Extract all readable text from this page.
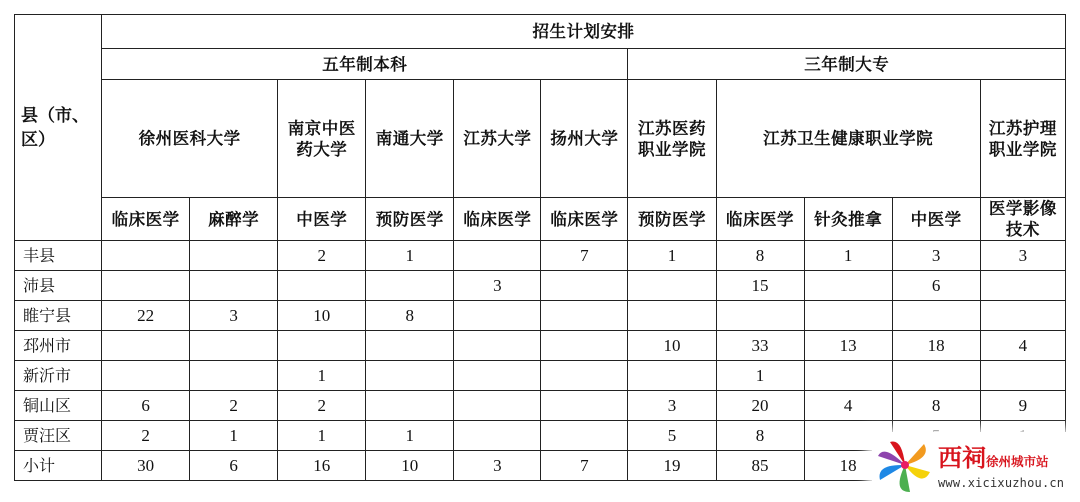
县（市、区）	招生计划安排										
	五年制本科						三年制大专				
	徐州医科大学		南京中医药大学	南通大学	江苏大学	扬州大学	江苏医药职业学院	江苏卫生健康职业学院			江苏护理职业学院
	临床医学	麻醉学	中医学	预防医学	临床医学	临床医学	预防医学	临床医学	针灸推拿	中医学	医学影像技术
丰县			2	1		7	1	8	1	3	3
沛县					3			15		6	
睢宁县	22	3	10	8							
邳州市							10	33	13	18	4
新沂市			1					1			
铜山区	6	2	2				3	20	4	8	9
贾汪区	2	1	1	1			5	8			
小计	30	6	16	10	3	7	19	85	18			西祠徐州城市站
www.xicixuzhou.cn
